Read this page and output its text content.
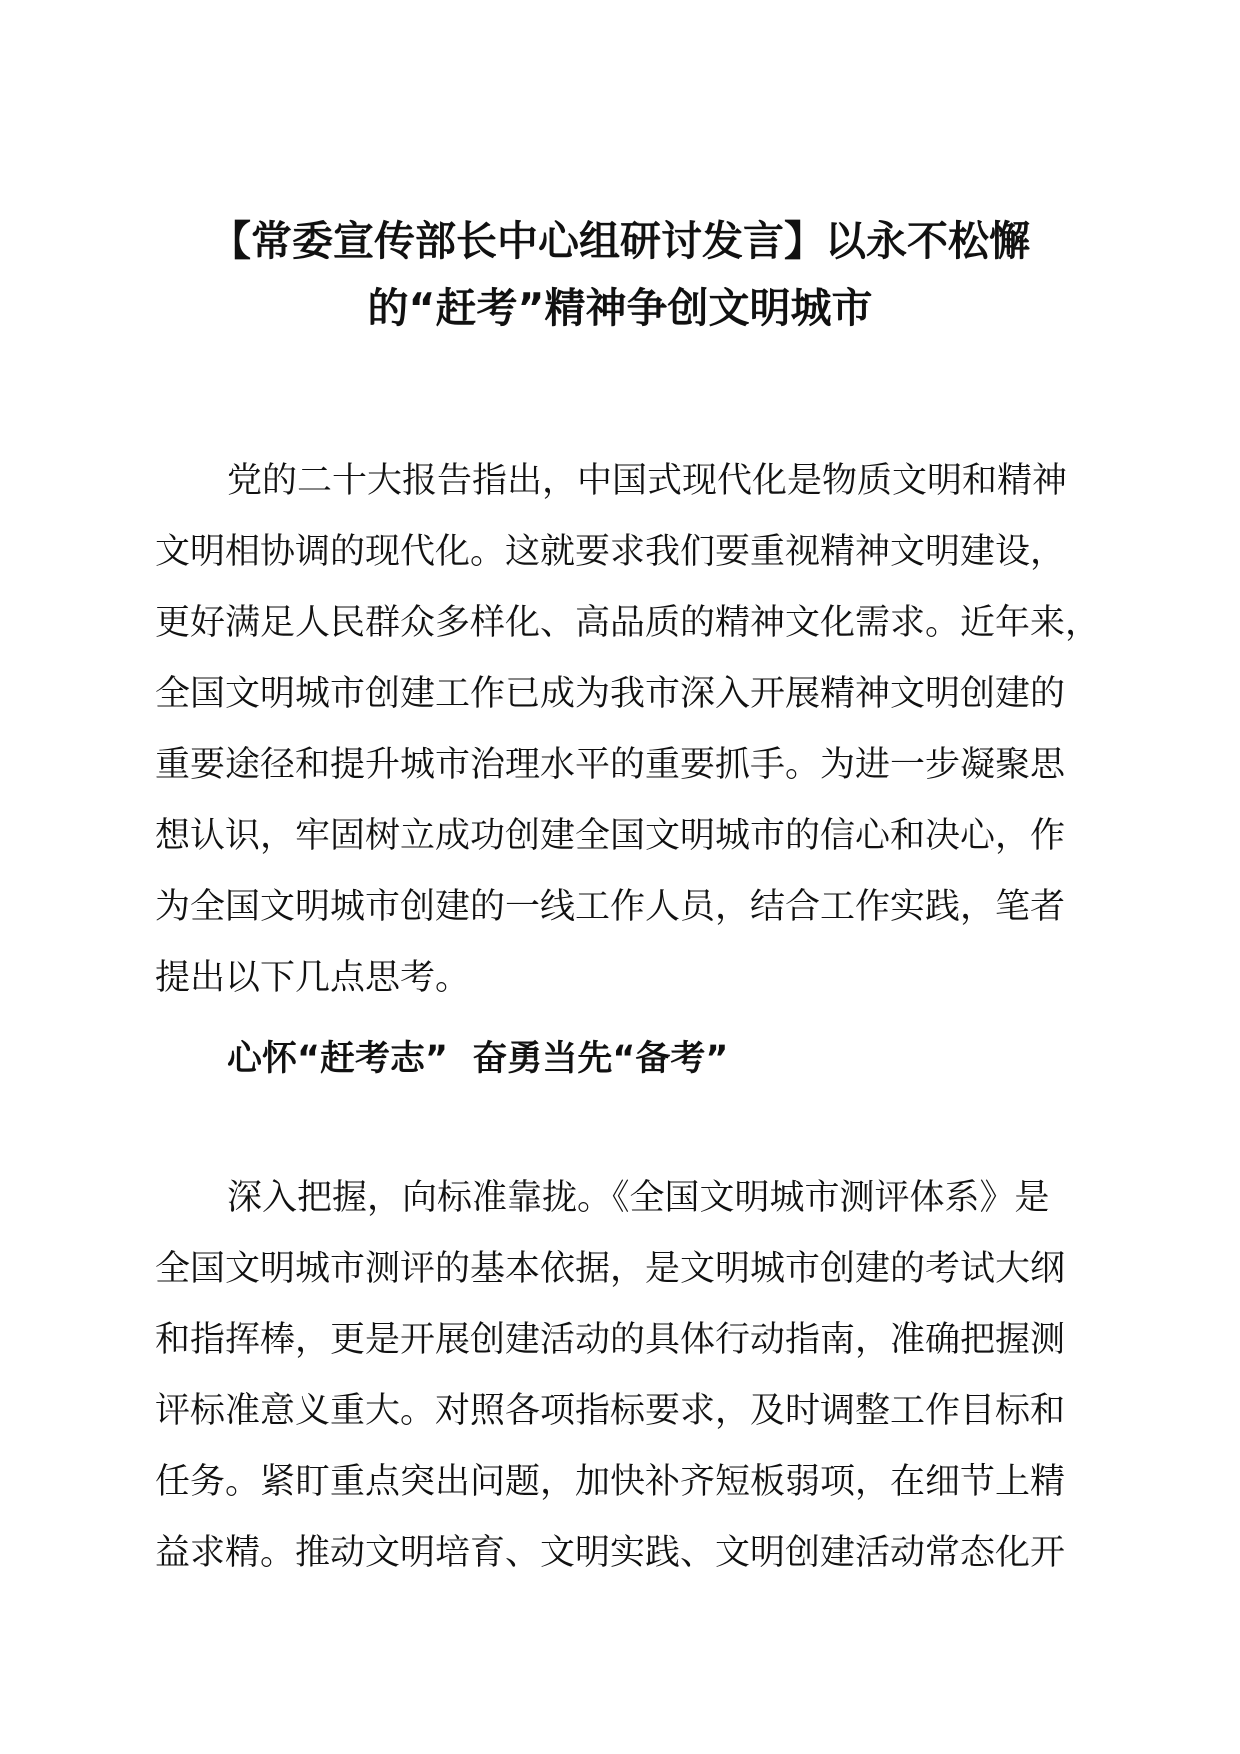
【常委宣传部长中心组研讨发言】以永不松懈
的“赶考”精神争创文明城市
党的二十大报告指出，中国式现代化是物质文明和精神
文明相协调的现代化。这就要求我们要重视精神文明建设，
更好满足人民群众多样化、高品质的精神文化需求。近年来，
全国文明城市创建工作已成为我市深入开展精神文明创建的
重要途径和提升城市治理水平的重要抓手。为进一步凝聚思
想认识，牢固树立成功创建全国文明城市的信心和决心，作
为全国文明城市创建的一线工作人员，结合工作实践，笔者
提出以下几点思考。
心怀“赶考志”  奋勇当先“备考”
深入把握，向标准靠拢。《全国文明城市测评体系》是
全国文明城市测评的基本依据，是文明城市创建的考试大纲
和指挥棒，更是开展创建活动的具体行动指南，准确把握测
评标准意义重大。对照各项指标要求，及时调整工作目标和
任务。紧盯重点突出问题，加快补齐短板弱项，在细节上精
益求精。推动文明培育、文明实践、文明创建活动常态化开
